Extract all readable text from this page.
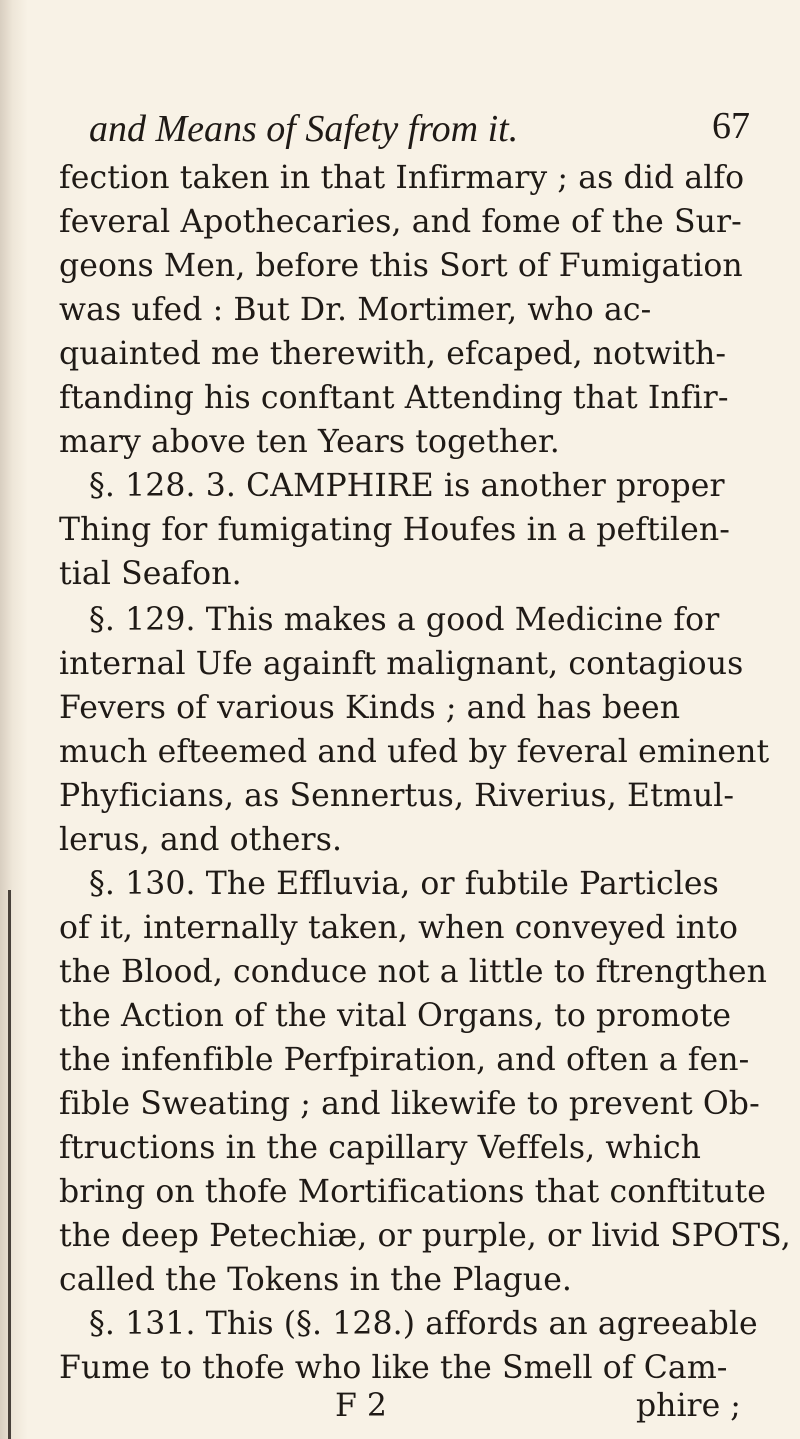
and Means of Safety from it.	67
fection taken in that Infirmary ; as did alfo
feveral Apothecaries, and fome of the Sur-
geons Men, before this Sort of Fumigation
was ufed : But Dr. Mortimer, who ac-
quainted me therewith, efcaped, notwith-
ftanding his conftant Attending that Infir-
mary above ten Years together.
§. 128. 3. CAMPHIRE is another proper
Thing for fumigating Houfes in a peftilen-
tial Seafon.
§. 129. This makes a good Medicine for
internal Ufe againft malignant, contagious
Fevers of various Kinds ; and has been
much efteemed and ufed by feveral eminent
Phyficians, as Sennertus, Riverius, Etmul-
lerus, and others.
§. 130. The Effluvia, or fubtile Particles
of it, internally taken, when conveyed into
the Blood, conduce not a little to ftrengthen
the Action of the vital Organs, to promote
the infenfible Perfpiration, and often a fen-
fible Sweating ; and likewife to prevent Ob-
ftructions in the capillary Veffels, which
bring on thofe Mortifications that conftitute
the deep Petechiæ, or purple, or livid SPOTS,
called the Tokens in the Plague.
§. 131. This (§. 128.) affords an agreeable
Fume to thofe who like the Smell of Cam-
F 2	phire ;
